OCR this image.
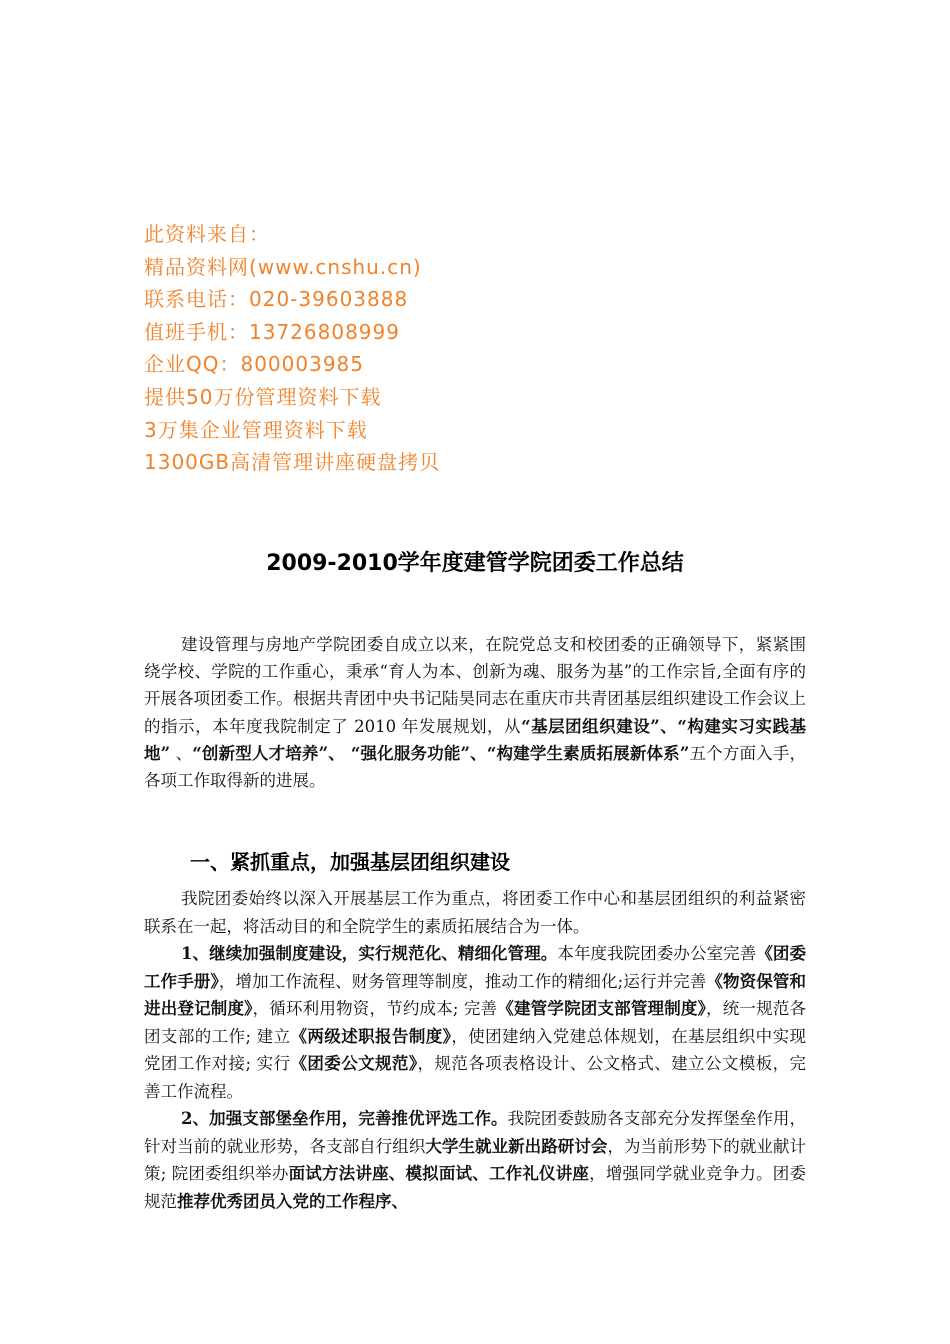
此资料来自：
精品资料网(www.cnshu.cn)
联系电话：020-39603888
值班手机：13726808999
企业QQ：800003985
提供50万份管理资料下载
3万集企业管理资料下载
1300GB高清管理讲座硬盘拷贝
2009-2010学年度建管学院团委工作总结
建设管理与房地产学院团委自成立以来，在院党总支和校团委的正确领导下，紧紧围绕学校、学院的工作重心，秉承“育人为本、创新为魂、服务为基”的工作宗旨,全面有序的开展各项团委工作。根据共青团中央书记陆昊同志在重庆市共青团基层组织建设工作会议上的指示，本年度我院制定了 2010 年发展规划，从“基层团组织建设”、“构建实习实践基地” 、“创新型人才培养”、 “强化服务功能”、“构建学生素质拓展新体系”五个方面入手，各项工作取得新的进展。
一、紧抓重点，加强基层团组织建设

我院团委始终以深入开展基层工作为重点，将团委工作中心和基层团组织的利益紧密联系在一起，将活动目的和全院学生的素质拓展结合为一体。

1、继续加强制度建设，实行规范化、精细化管理。本年度我院团委办公室完善《团委工作手册》，增加工作流程、财务管理等制度，推动工作的精细化;运行并完善《物资保管和进出登记制度》，循环利用物资，节约成本; 完善《建管学院团支部管理制度》，统一规范各团支部的工作; 建立《两级述职报告制度》，使团建纳入党建总体规划，在基层组织中实现党团工作对接; 实行《团委公文规范》，规范各项表格设计、公文格式、建立公文模板，完善工作流程。

2、加强支部堡垒作用，完善推优评选工作。我院团委鼓励各支部充分发挥堡垒作用，针对当前的就业形势，各支部自行组织大学生就业新出路研讨会，为当前形势下的就业献计策; 院团委组织举办面试方法讲座、模拟面试、工作礼仪讲座，增强同学就业竞争力。团委规范推荐优秀团员入党的工作程序、
